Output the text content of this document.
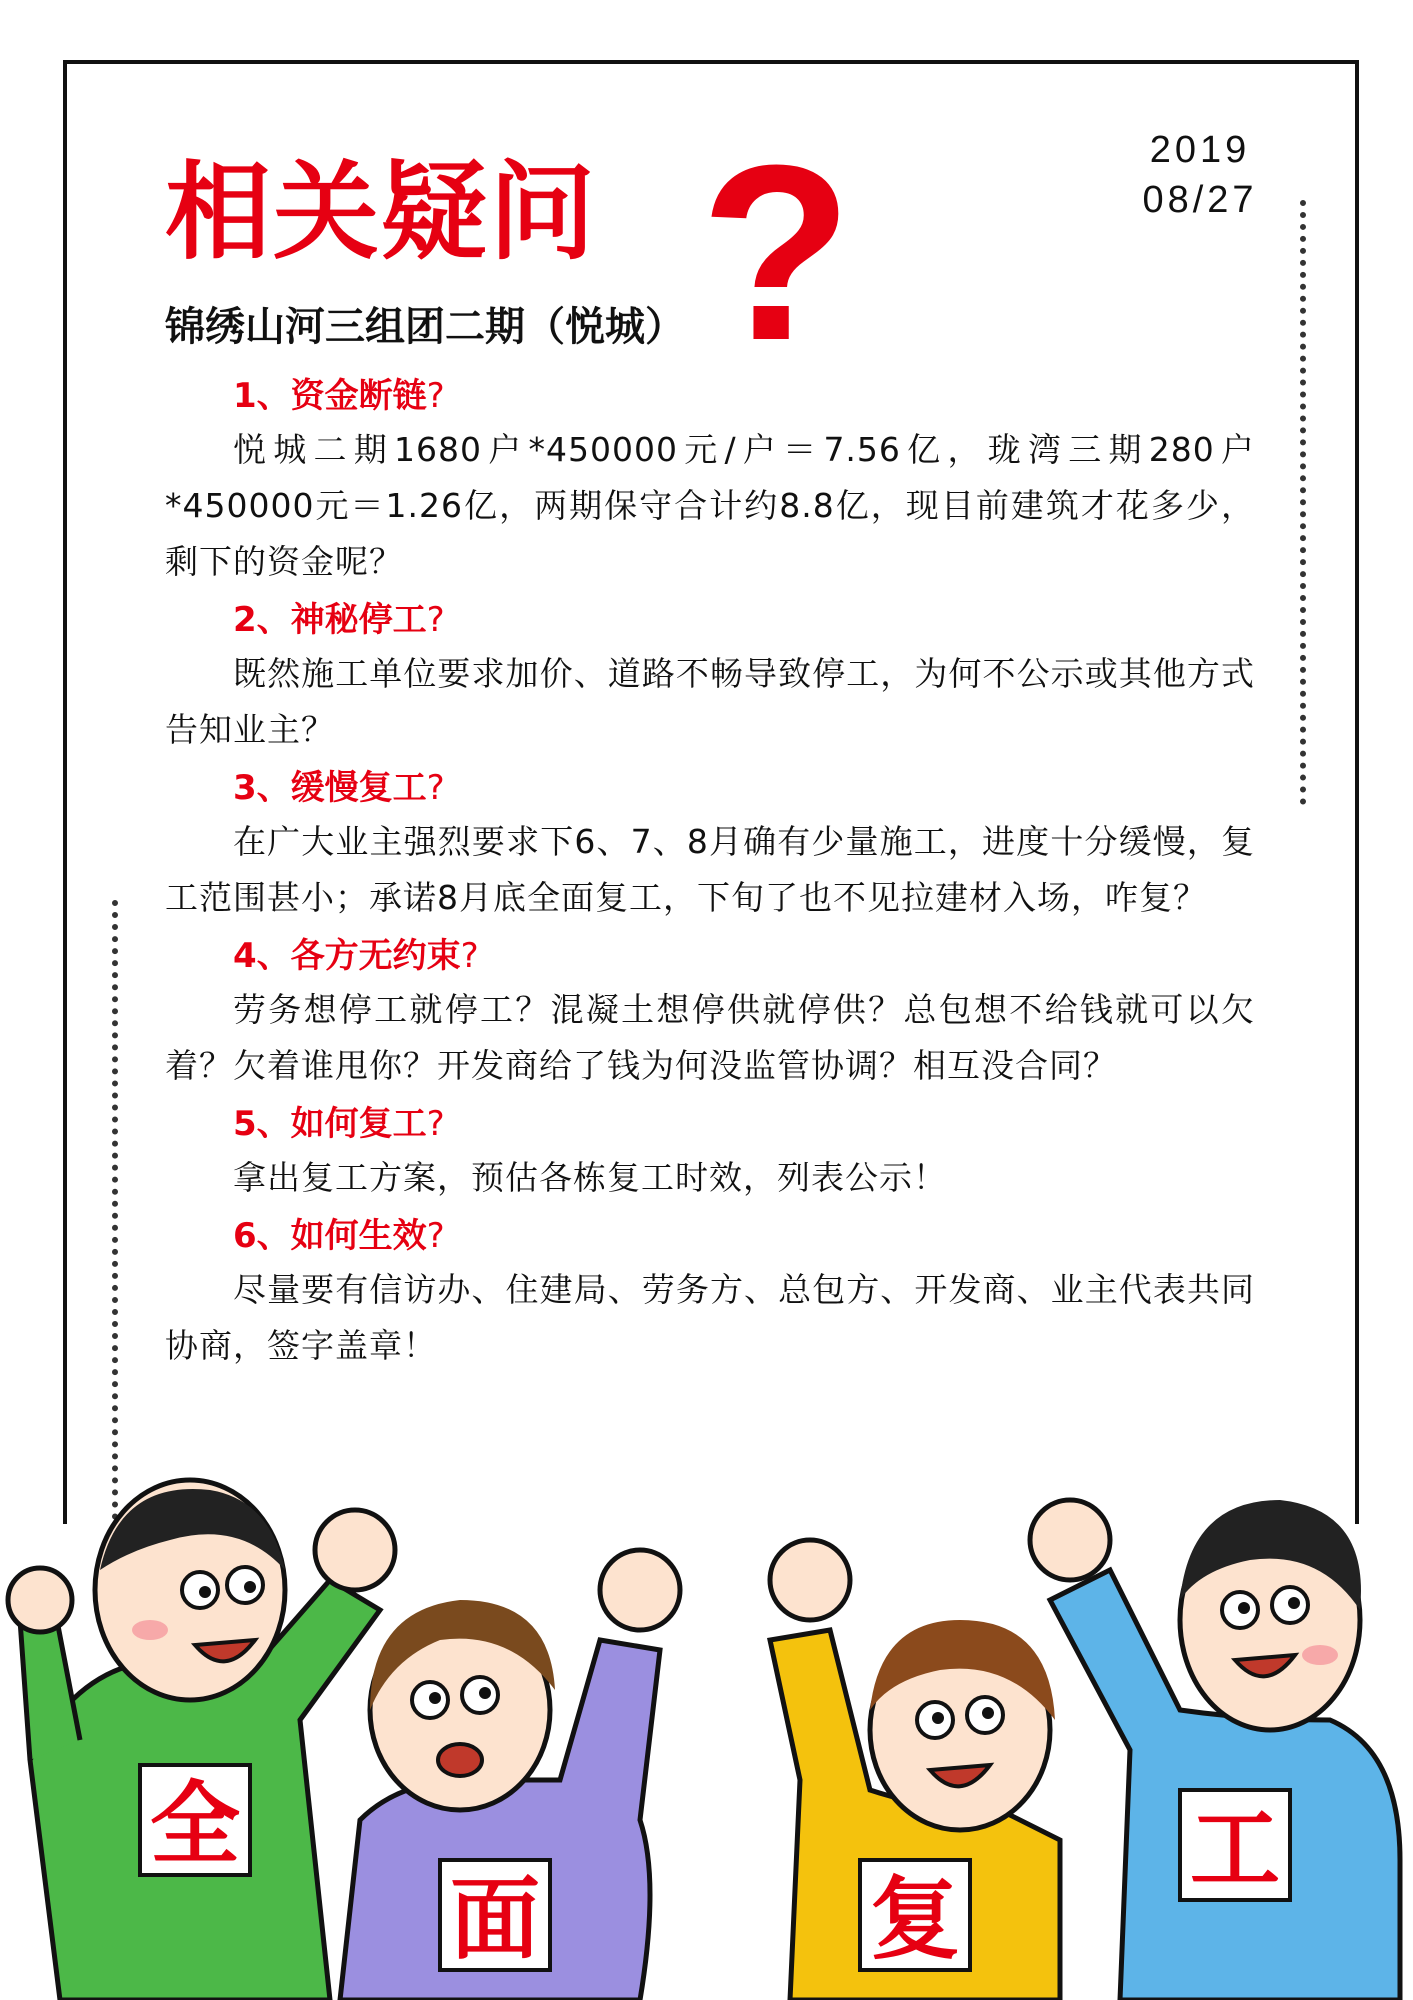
2019
08/27
相关疑问 ?
锦绣山河三组团二期（悦城）

1、资金断链?

悦城二期1680户*450000元/户＝7.56亿，珑湾三期280户*450000元＝1.26亿，两期保守合计约8.8亿，现目前建筑才花多少，剩下的资金呢？

2、神秘停工?

既然施工单位要求加价、道路不畅导致停工，为何不公示或其他方式告知业主？

3、缓慢复工?

在广大业主强烈要求下6、7、8月确有少量施工，进度十分缓慢，复工范围甚小；承诺8月底全面复工，下旬了也不见拉建材入场，咋复？

4、各方无约束?

劳务想停工就停工？混凝土想停供就停供？总包想不给钱就可以欠着？欠着谁甩你？开发商给了钱为何没监管协调？相互没合同？

5、如何复工?

拿出复工方案，预估各栋复工时效，列表公示！

6、如何生效?

尽量要有信访办、住建局、劳务方、总包方、开发商、业主代表共同协商，签字盖章！

全
面	复
工
